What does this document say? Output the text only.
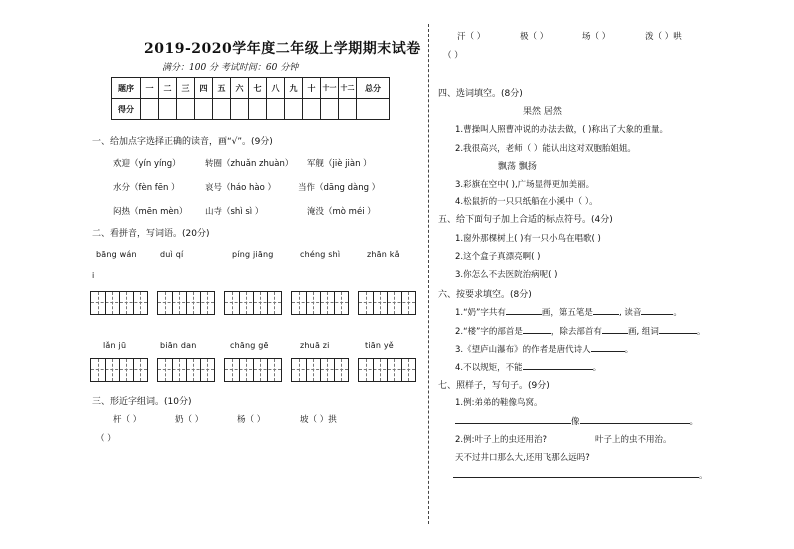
2019-2020学年度二年级上学期期末试卷
满分：100 分 考试时间：60 分钟
题序	一	二	三	四	五	六	七	八	九	十	十一	十二	总分
得分													
一、给加点字选择正确的读音，画“√”。(9分)
欢迎（yín yíng）	转圈（zhuǎn zhuàn） 军舰（jiè jiàn ）
水分（fèn fēn ）	哀号（háo hào ）	当作（dāng dàng ）
闷热（mēn mèn） 山寺（shì sì ）	淹没（mò méi ）
二、看拼音，写词语。(20分)
bāng wán	duì qí	píng jiāng	chéng shì	zhān kǎ
i
lǎn jū	biān dan	chāng gē	zhuā zi	tiān yě
三、形近字组词。(10分)
杆（ ）	奶（ ）	杨（ ）	坡（ ）拱
（ ）
汗（ ）	极（ ）	场（ ）	泼（ ）哄
（ ）
四、选词填空。(8分)
果然 居然
1.曹操叫人照曹冲说的办法去做，( )称出了大象的重量。
2.我很高兴，老师（ ）能认出这对双胞胎姐姐。
飘荡 飘扬
3.彩旗在空中( ),广场显得更加美丽。
4.松鼠折的一只只纸船在小溪中（ ）。
五、给下面句子加上合适的标点符号。(4分)
1.窗外那棵树上( )有一只小鸟在唱歌( )
2.这个盒子真漂亮啊( )
3.你怎么不去医院治病呢( )
六、按要求填空。(8分)
1.“奶”字共有	画，第五笔是	, 读音	。
2.“楼”字的部首是	，除去部首有	画, 组词	。
3.《望庐山瀑布》的作者是唐代诗人	。
4.不以规矩，不能	。
七、照样子，写句子。(9分)
1.例:弟弟的鞋像鸟窝。
像	。
2.例:叶子上的虫还用治?	叶子上的虫不用治。
天不过井口那么大,还用飞那么远吗?
。
